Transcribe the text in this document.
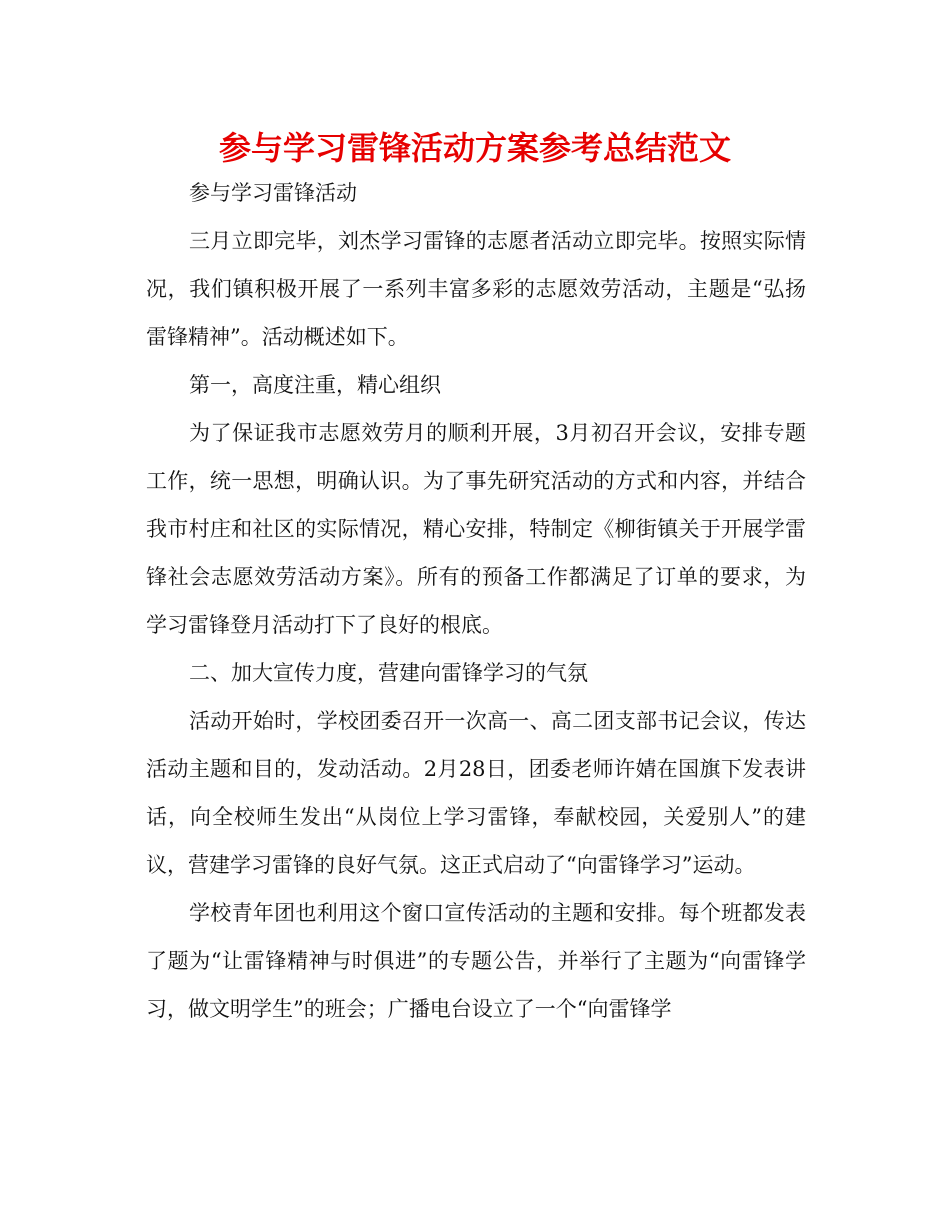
参与学习雷锋活动方案参考总结范文

参与学习雷锋活动

三月立即完毕，刘杰学习雷锋的志愿者活动立即完毕。按照实际情况，我们镇积极开展了一系列丰富多彩的志愿效劳活动，主题是“弘扬雷锋精神”。活动概述如下。

第一，高度注重，精心组织

为了保证我市志愿效劳月的顺利开展，3月初召开会议，安排专题工作，统一思想，明确认识。为了事先研究活动的方式和内容，并结合我市村庄和社区的实际情况，精心安排，特制定《柳街镇关于开展学雷锋社会志愿效劳活动方案》。所有的预备工作都满足了订单的要求，为学习雷锋登月活动打下了良好的根底。

二、加大宣传力度，营建向雷锋学习的气氛

活动开始时，学校团委召开一次高一、高二团支部书记会议，传达活动主题和目的，发动活动。2月28日，团委老师许婧在国旗下发表讲话，向全校师生发出“从岗位上学习雷锋，奉献校园，关爱别人”的建议，营建学习雷锋的良好气氛。这正式启动了“向雷锋学习”运动。

学校青年团也利用这个窗口宣传活动的主题和安排。每个班都发表了题为“让雷锋精神与时俱进”的专题公告，并举行了主题为“向雷锋学习，做文明学生”的班会；广播电台设立了一个“向雷锋学
